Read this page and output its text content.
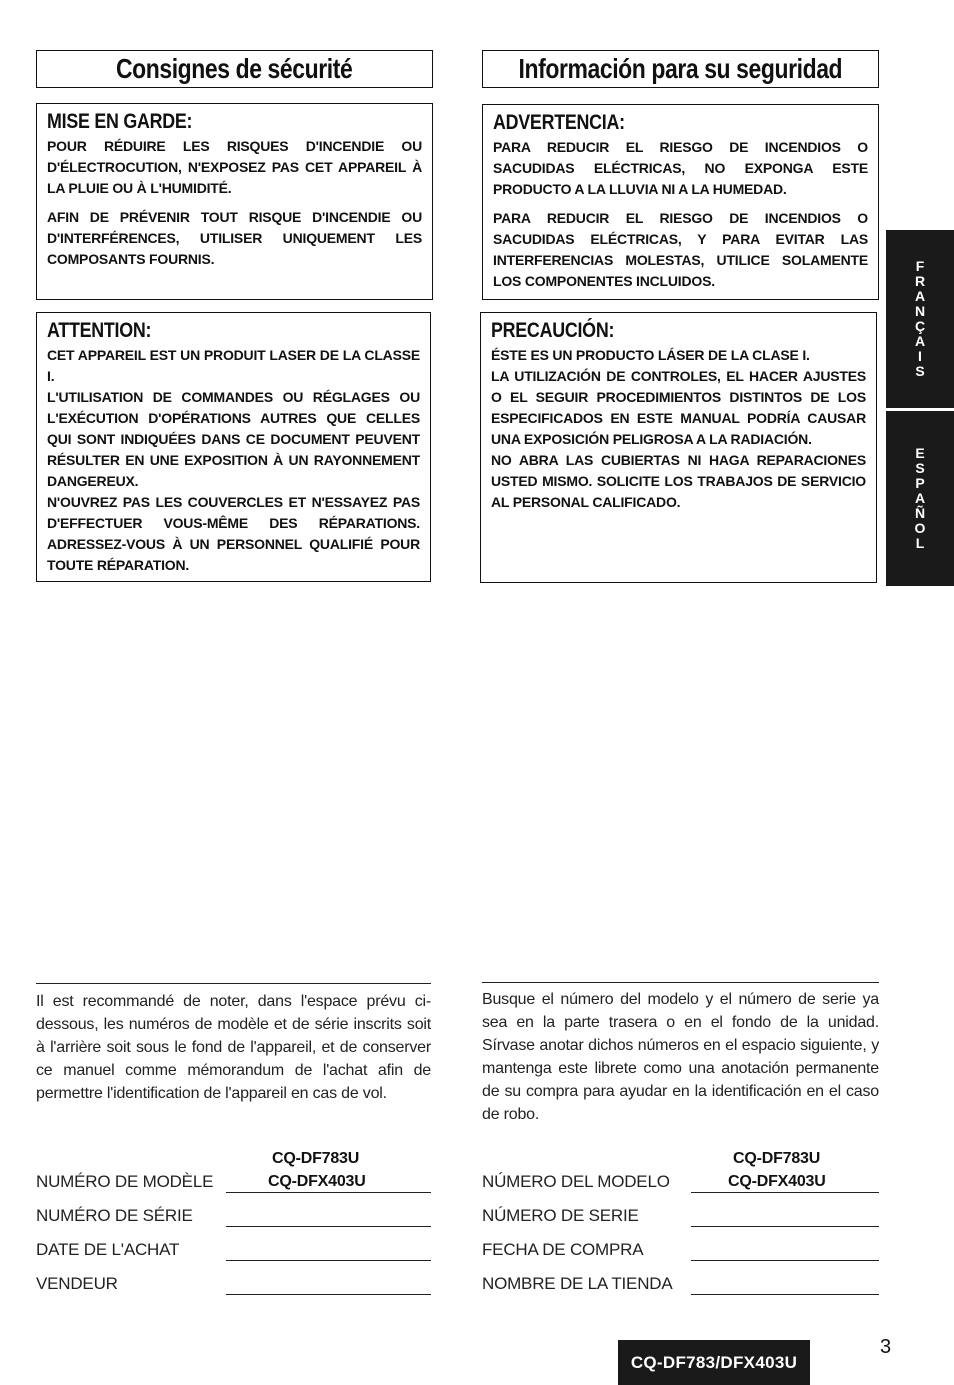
Consignes de sécurité
MISE EN GARDE:

POUR RÉDUIRE LES RISQUES D'INCENDIE OU D'ÉLECTROCUTION, N'EXPOSEZ PAS CET APPAREIL À LA PLUIE OU À L'HUMIDITÉ.

AFIN DE PRÉVENIR TOUT RISQUE D'INCENDIE OU D'INTERFÉRENCES, UTILISER UNIQUEMENT LES COMPOSANTS FOURNIS.

ATTENTION:

CET APPAREIL EST UN PRODUIT LASER DE LA CLASSE I.

L'UTILISATION DE COMMANDES OU RÉGLAGES OU L'EXÉCUTION D'OPÉRATIONS AUTRES QUE CELLES QUI SONT INDIQUÉES DANS CE DOCUMENT PEUVENT RÉSULTER EN UNE EXPOSITION À UN RAYONNEMENT DANGEREUX.

N'OUVREZ PAS LES COUVERCLES ET N'ESSAYEZ PAS D'EFFECTUER VOUS-MÊME DES RÉPARATIONS. ADRESSEZ-VOUS À UN PERSONNEL QUALIFIÉ POUR TOUTE RÉPARATION.

Il est recommandé de noter, dans l'espace prévu ci-dessous, les numéros de modèle et de série inscrits soit à l'arrière soit sous le fond de l'appareil, et de conserver ce manuel comme mémorandum de l'achat afin de permettre l'identification de l'appareil en cas de vol.
CQ-DF783U
NUMÉRO DE MODÈLE	CQ-DFX403U
NUMÉRO DE SÉRIE
DATE DE L'ACHAT
VENDEUR
Información para su seguridad
ADVERTENCIA:

PARA REDUCIR EL RIESGO DE INCENDIOS O SACUDIDAS ELÉCTRICAS, NO EXPONGA ESTE PRODUCTO A LA LLUVIA NI A LA HUMEDAD.

PARA REDUCIR EL RIESGO DE INCENDIOS O SACUDIDAS ELÉCTRICAS, Y PARA EVITAR LAS INTERFERENCIAS MOLESTAS, UTILICE SOLAMENTE LOS COMPONENTES INCLUIDOS.

PRECAUCIÓN:

ÉSTE ES UN PRODUCTO LÁSER DE LA CLASE I.

LA UTILIZACIÓN DE CONTROLES, EL HACER AJUSTES O EL SEGUIR PROCEDIMIENTOS DISTINTOS DE LOS ESPECIFICADOS EN ESTE MANUAL PODRÍA CAUSAR UNA EXPOSICIÓN PELIGROSA A LA RADIACIÓN.

NO ABRA LAS CUBIERTAS NI HAGA REPARACIONES USTED MISMO. SOLICITE LOS TRABAJOS DE SERVICIO AL PERSONAL CALIFICADO.

Busque el número del modelo y el número de serie ya sea en la parte trasera o en el fondo de la unidad. Sírvase anotar dichos números en el espacio siguiente, y mantenga este librete como una anotación permanente de su compra para ayudar en la identificación en el caso de robo.
CQ-DF783U
NÚMERO DEL MODELO	CQ-DFX403U
NÚMERO DE SERIE
FECHA DE COMPRA
NOMBRE DE LA TIENDA
F
R
A
N
Ç
A
I
S
E
S
P
A
Ñ
O
L
CQ-DF783/DFX403U
3
